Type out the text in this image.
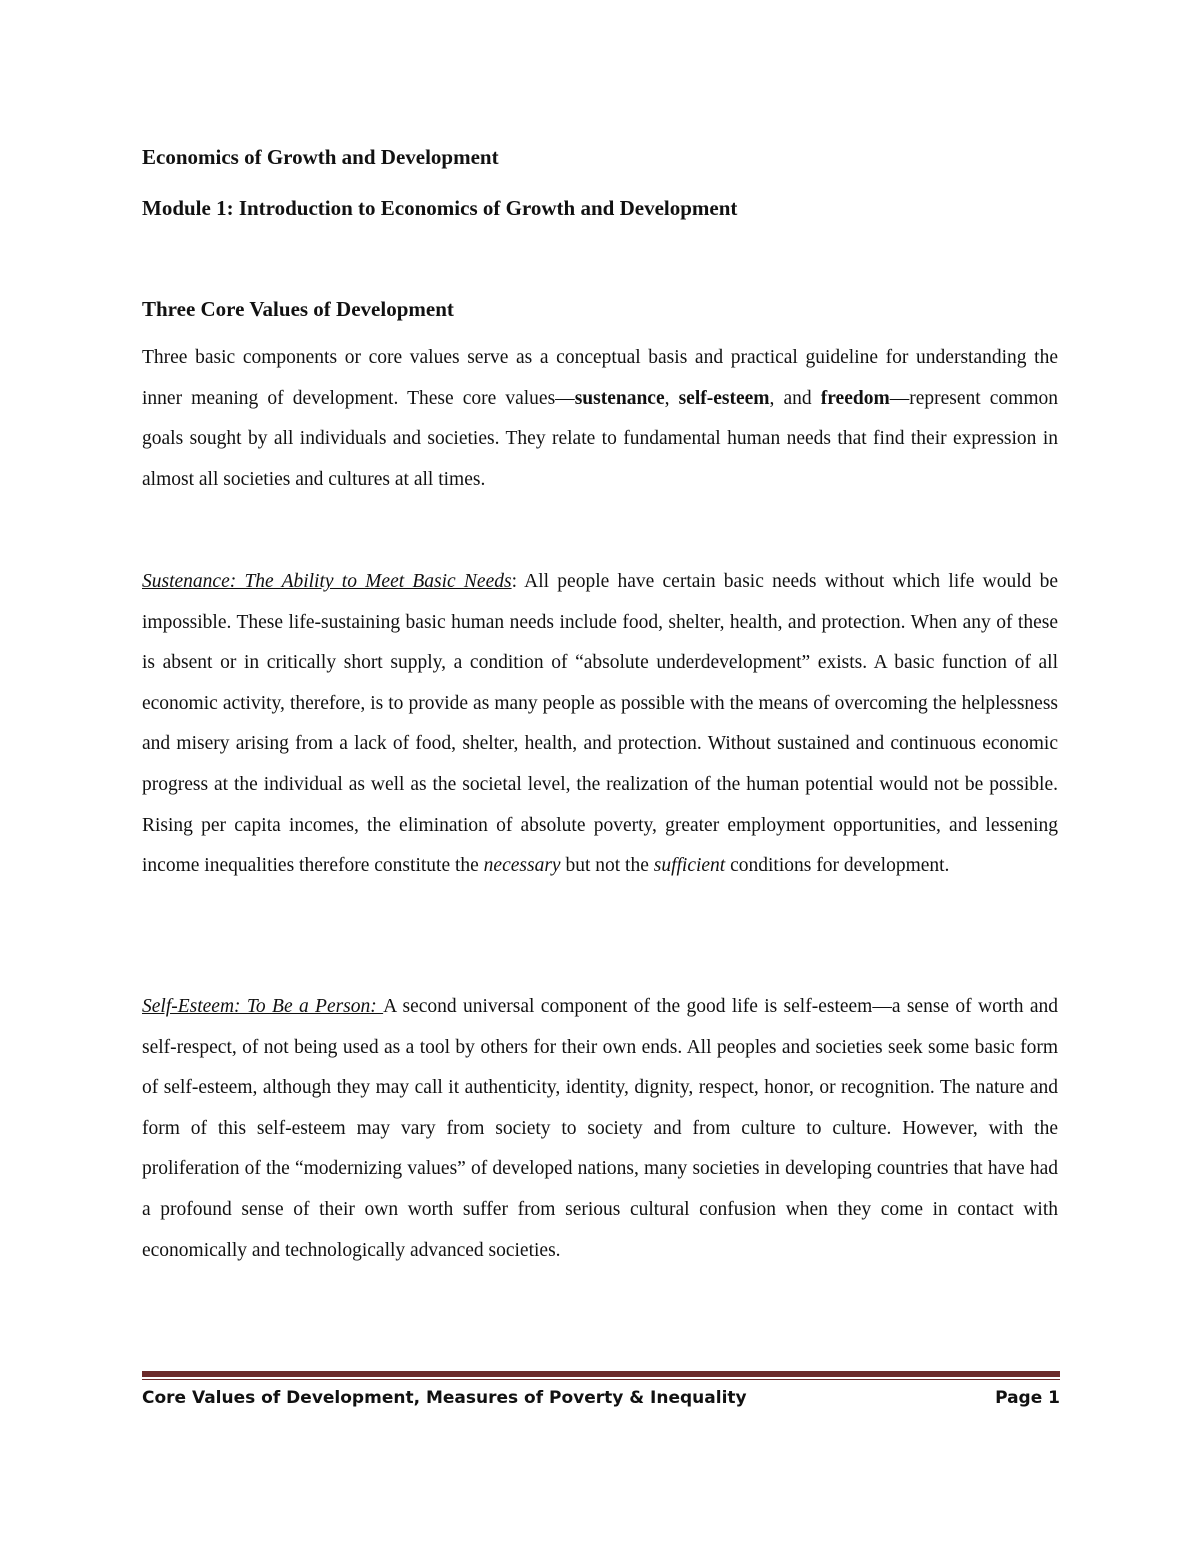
Economics of Growth and Development
Module 1: Introduction to Economics of Growth and Development
Three Core Values of Development

Three basic components or core values serve as a conceptual basis and practical guideline for understanding the inner meaning of development. These core values—sustenance, self-esteem, and freedom—represent common goals sought by all individuals and societies. They relate to fundamental human needs that find their expression in almost all societies and cultures at all times.

Sustenance: The Ability to Meet Basic Needs: All people have certain basic needs without which life would be impossible. These life-sustaining basic human needs include food, shelter, health, and protection. When any of these is absent or in critically short supply, a condition of “absolute underdevelopment” exists. A basic function of all economic activity, therefore, is to provide as many people as possible with the means of overcoming the helplessness and misery arising from a lack of food, shelter, health, and protection. Without sustained and continuous economic progress at the individual as well as the societal level, the realization of the human potential would not be possible. Rising per capita incomes, the elimination of absolute poverty, greater employment opportunities, and lessening income inequalities therefore constitute the necessary but not the sufficient conditions for development.

Self-Esteem: To Be a Person: A second universal component of the good life is self-esteem—a sense of worth and self-respect, of not being used as a tool by others for their own ends. All peoples and societies seek some basic form of self-esteem, although they may call it authenticity, identity, dignity, respect, honor, or recognition. The nature and form of this self-esteem may vary from society to society and from culture to culture. However, with the proliferation of the “modernizing values” of developed nations, many societies in developing countries that have had a profound sense of their own worth suffer from serious cultural confusion when they come in contact with economically and technologically advanced societies.

Core Values of Development, Measures of Poverty & Inequality	Page 1
